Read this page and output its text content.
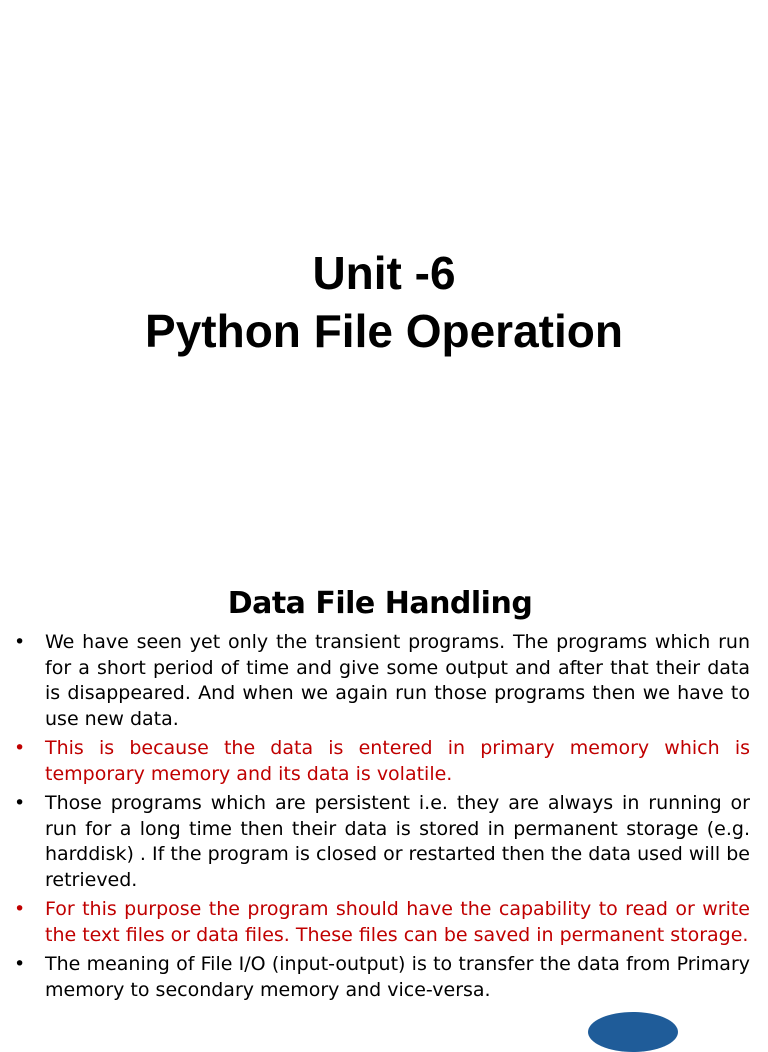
Unit -6
Python File Operation
Data File Handling
• We have seen yet only the transient programs. The programs which run for a short period of time and give some output and after that their data is disappeared. And when we again run those programs then we have to use new data.
• This is because the data is entered in primary memory which is temporary memory and its data is volatile.
• Those programs which are persistent i.e. they are always in running or run for a long time then their data is stored in permanent storage (e.g. harddisk) . If the program is closed or restarted then the data used will be retrieved.
• For this purpose the program should have the capability to read or write the text files or data files. These files can be saved in permanent storage.
• The meaning of File I/O (input-output) is to transfer the data from Primary memory to secondary memory and vice-versa.
